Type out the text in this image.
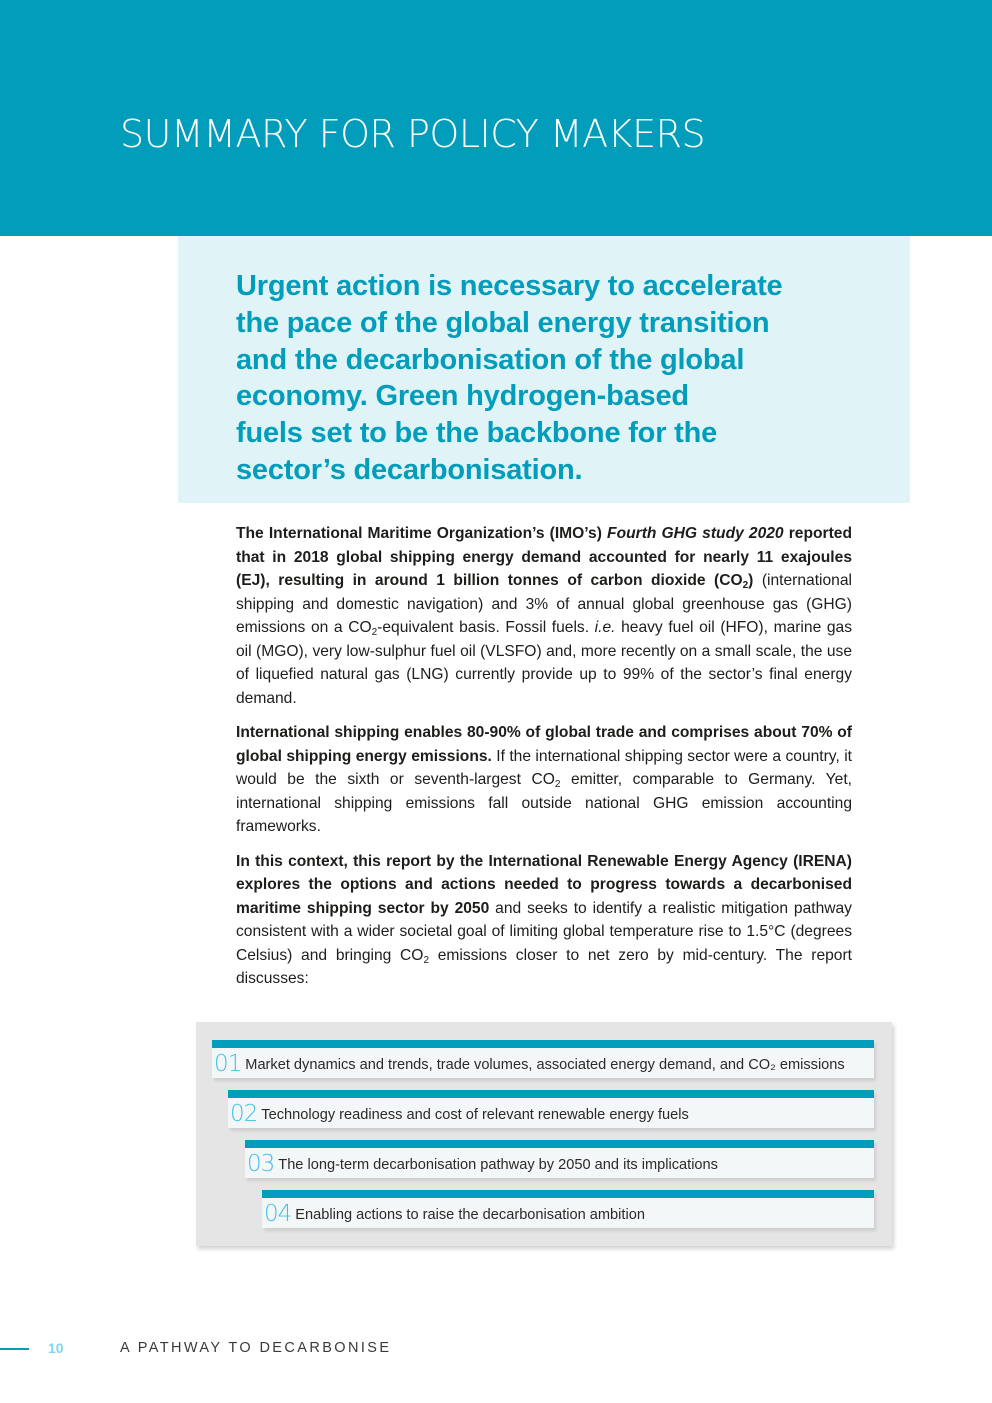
SUMMARY FOR POLICY MAKERS
Urgent action is necessary to accelerate
the pace of the global energy transition
and the decarbonisation of the global
economy. Green hydrogen-based
fuels set to be the backbone for the
sector’s decarbonisation.

The International Maritime Organization’s (IMO’s) Fourth GHG study 2020 reported that in 2018 global shipping energy demand accounted for nearly 11 exajoules (EJ), resulting in around 1 billion tonnes of carbon dioxide $(CO_2)$ (international shipping and domestic navigation) and 3% of annual global greenhouse gas (GHG) emissions on a $CO_2$-equivalent basis. Fossil fuels. i.e. heavy fuel oil (HFO), marine gas oil (MGO), very low-sulphur fuel oil (VLSFO) and, more recently on a small scale, the use of liquefied natural gas (LNG) currently provide up to 99% of the sector’s final energy demand.

International shipping enables 80-90% of global trade and comprises about 70% of global shipping energy emissions. If the international shipping sector were a country, it would be the sixth or seventh-largest $CO_2$ emitter, comparable to Germany. Yet, international shipping emissions fall outside national GHG emission accounting frameworks.

In this context, this report by the International Renewable Energy Agency (IRENA) explores the options and actions needed to progress towards a decarbonised maritime shipping sector by 2050 and seeks to identify a realistic mitigation pathway consistent with a wider societal goal of limiting global temperature rise to 1.5°C (degrees Celsius) and bringing $CO_2$ emissions closer to net zero by mid-century. The report discusses:

01 Market dynamics and trends, trade volumes, associated energy demand, and CO₂ emissions
02 Technology readiness and cost of relevant renewable energy fuels
03 The long-term decarbonisation pathway by 2050 and its implications
04 Enabling actions to raise the decarbonisation ambition
10	A PATHWAY TO DECARBONISE
